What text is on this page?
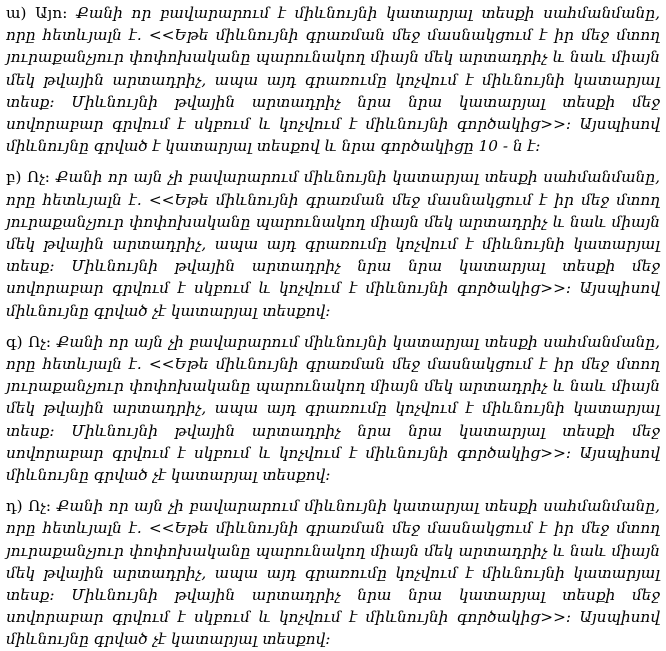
ա) Այո: Քանի որ բավարարում է միևնույնի կատարյալ տեսքի սահմանմանը, որը հետևյալն է. <<Եթե միևնույնի գրառման մեջ մասնակցում է իր մեջ մտող յուրաքանչյուր փոփոխականը պարունակող միայն մեկ արտադրիչ և նաև միայն մեկ թվային արտադրիչ, ապա այդ գրառումը կոչվում է միևնույնի կատարյալ տեսք: Միևնույնի թվային արտադրիչ նրա նրա կատարյալ տեսքի մեջ սովորաբար գրվում է սկբում և կոչվում է միևնույնի գործակից>>: Այսպիսով միևնույնը գրված է կատարյալ տեսքով և նրա գործակիցը 10 - ն է:

բ) Ոչ: Քանի որ այն չի բավարարում միևնույնի կատարյալ տեսքի սահմանմանը, որը հետևյալն է. <<Եթե միևնույնի գրառման մեջ մասնակցում է իր մեջ մտող յուրաքանչյուր փոփոխականը պարունակող միայն մեկ արտադրիչ և նաև միայն մեկ թվային արտադրիչ, ապա այդ գրառումը կոչվում է միևնույնի կատարյալ տեսք: Միևնույնի թվային արտադրիչ նրա նրա կատարյալ տեսքի մեջ սովորաբար գրվում է սկբում և կոչվում է միևնույնի գործակից>>: Այսպիսով միևնույնը գրված չէ կատարյալ տեսքով:

գ) Ոչ: Քանի որ այն չի բավարարում միևնույնի կատարյալ տեսքի սահմանմանը, որը հետևյալն է. <<Եթե միևնույնի գրառման մեջ մասնակցում է իր մեջ մտող յուրաքանչյուր փոփոխականը պարունակող միայն մեկ արտադրիչ և նաև միայն մեկ թվային արտադրիչ, ապա այդ գրառումը կոչվում է միևնույնի կատարյալ տեսք: Միևնույնի թվային արտադրիչ նրա նրա կատարյալ տեսքի մեջ սովորաբար գրվում է սկբում և կոչվում է միևնույնի գործակից>>: Այսպիսով միևնույնը գրված չէ կատարյալ տեսքով:

դ) Ոչ: Քանի որ այն չի բավարարում միևնույնի կատարյալ տեսքի սահմանմանը, որը հետևյալն է. <<Եթե միևնույնի գրառման մեջ մասնակցում է իր մեջ մտող յուրաքանչյուր փոփոխականը պարունակող միայն մեկ արտադրիչ և նաև միայն մեկ թվային արտադրիչ, ապա այդ գրառումը կոչվում է միևնույնի կատարյալ տեսք: Միևնույնի թվային արտադրիչ նրա նրա կատարյալ տեսքի մեջ սովորաբար գրվում է սկբում և կոչվում է միևնույնի գործակից>>: Այսպիսով միևնույնը գրված չէ կատարյալ տեսքով:
